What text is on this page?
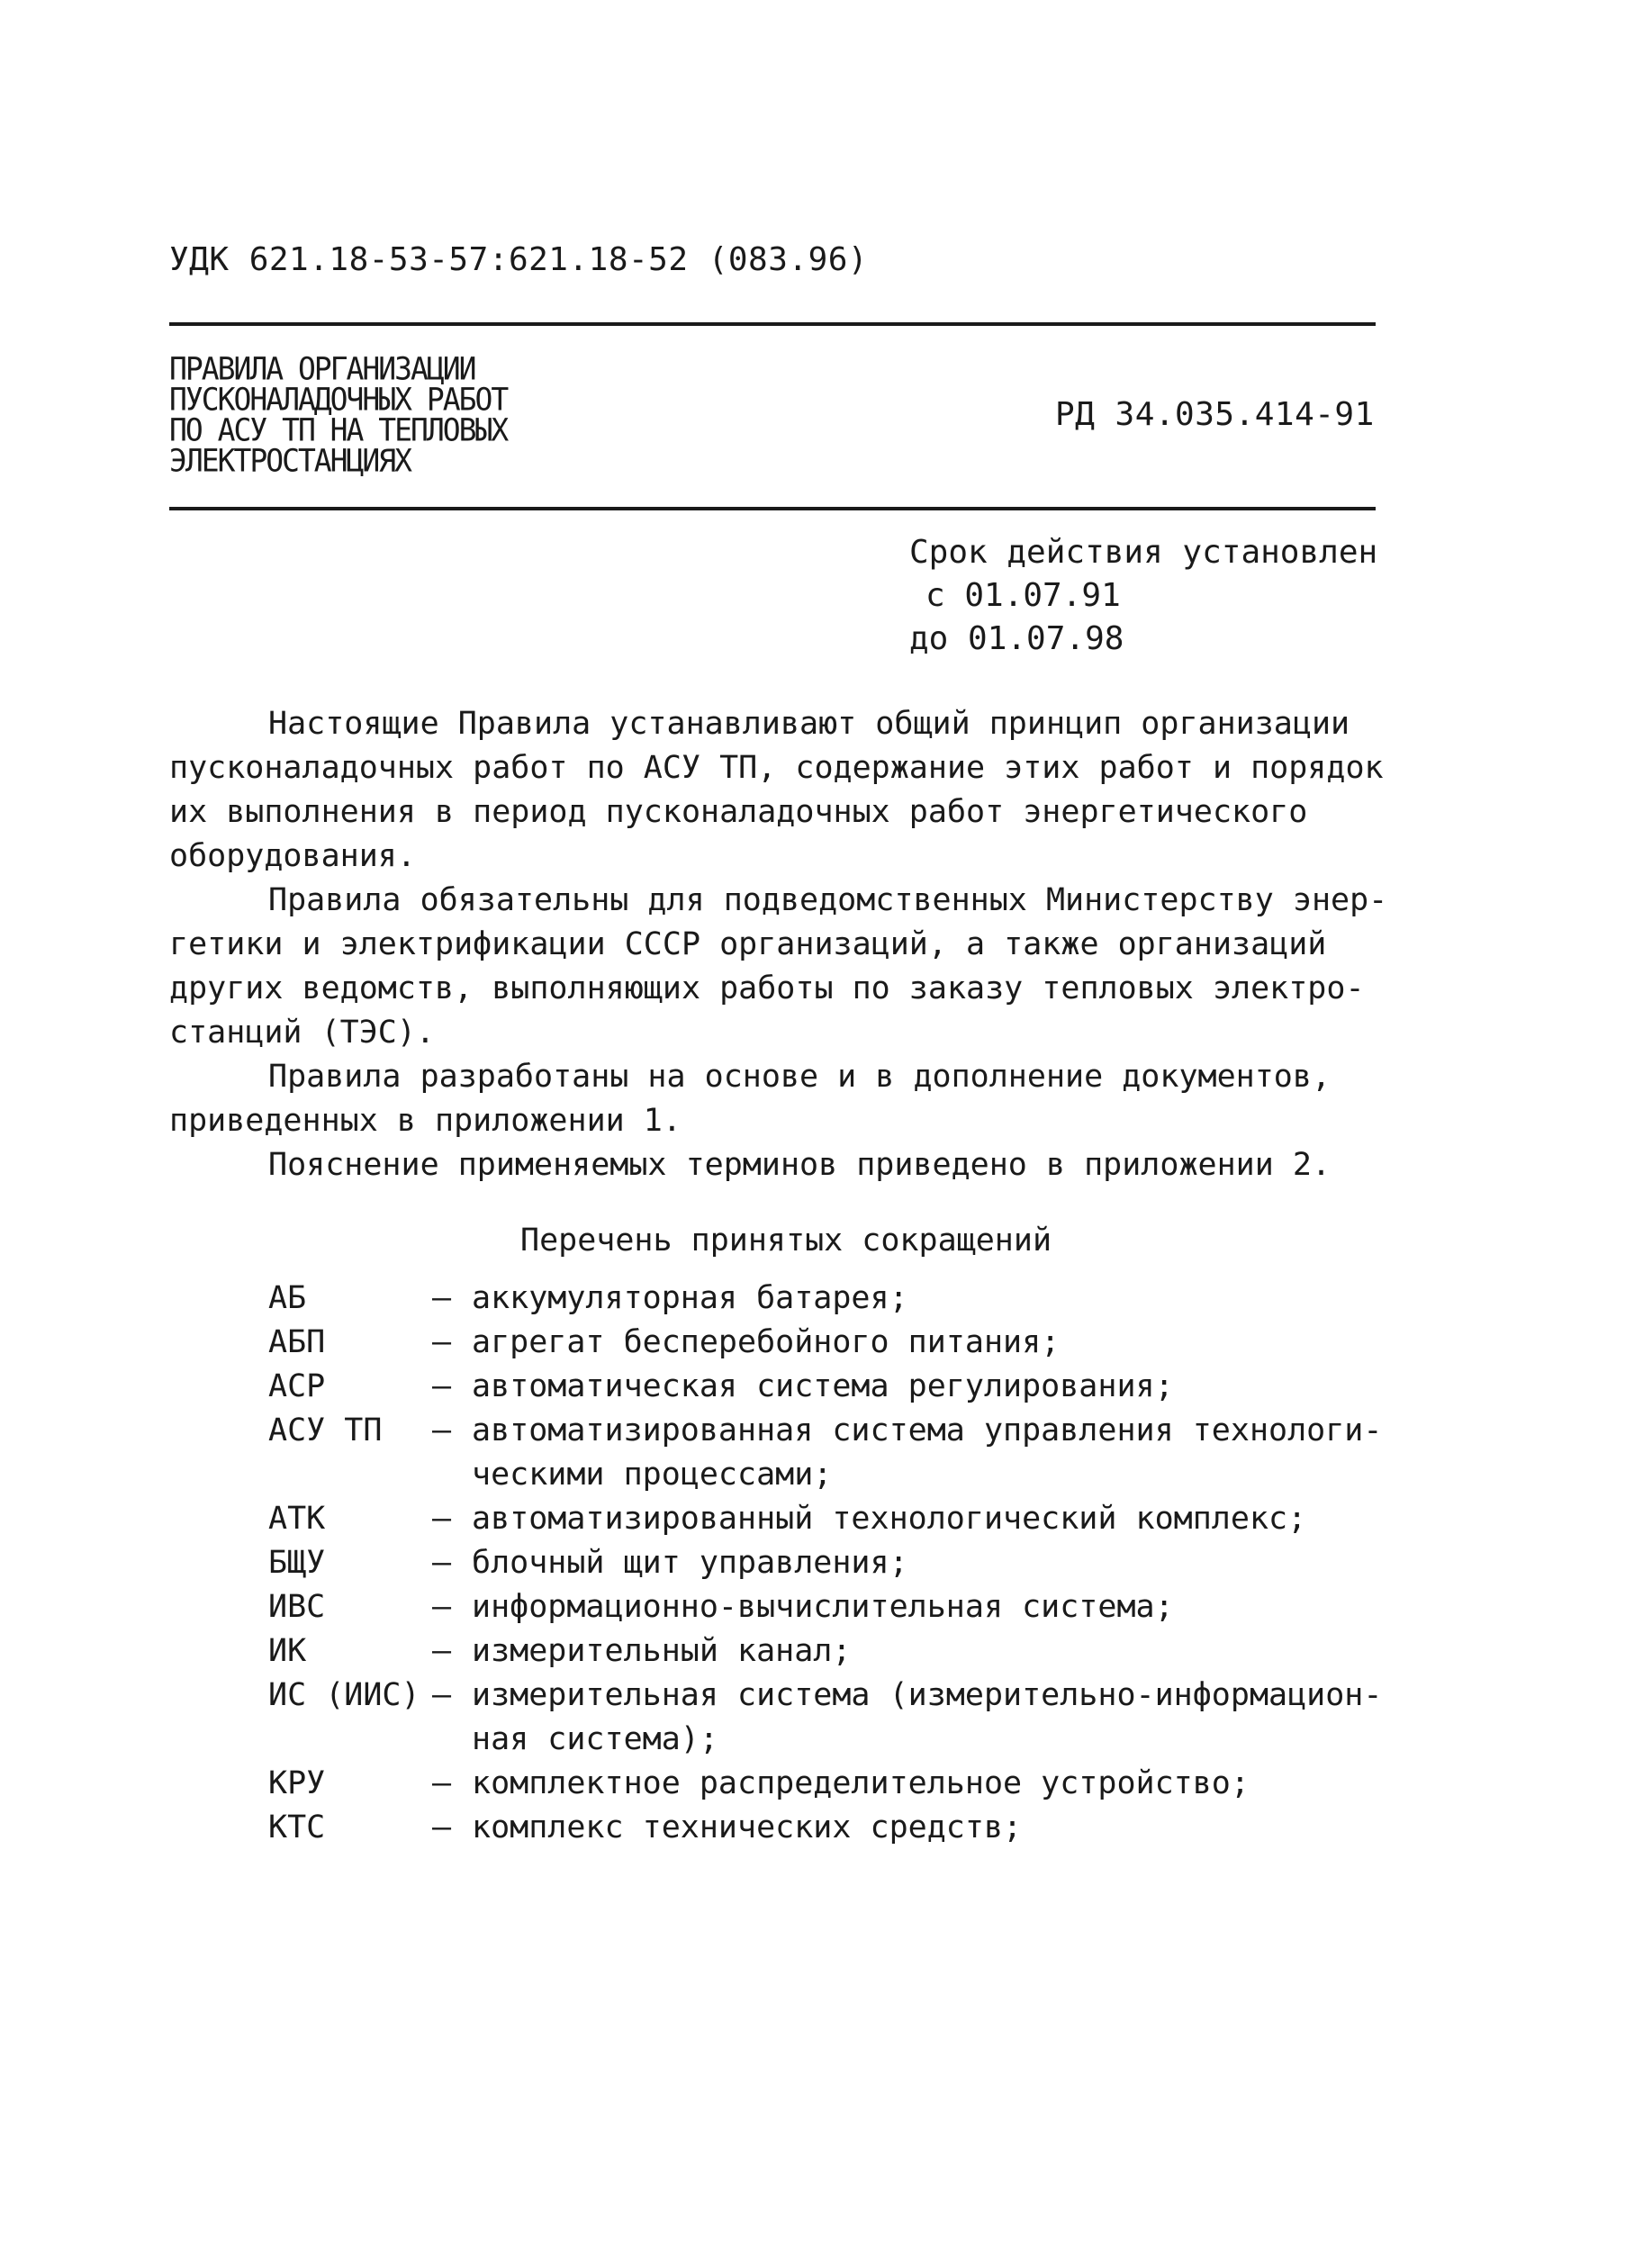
УДК 621.18-53-57:621.18-52 (083.96)
ПРАВИЛА ОРГАНИЗАЦИИ
ПУСКОНАЛАДОЧНЫХ РАБОТ
ПО АСУ ТП НА ТЕПЛОВЫХ
ЭЛЕКТРОСТАНЦИЯХ
РД 34.035.414-91
Срок действия установлен
с 01.07.91
до 01.07.98
Настоящие Правила устанавливают общий принцип организации
пусконаладочных работ по АСУ ТП, содержание этих работ и порядок
их выполнения в период пусконаладочных работ энергетического
оборудования.
Правила обязательны для подведомственных Министерству энер-
гетики и электрификации СССР организаций, а также организаций
других ведомств, выполняющих работы по заказу тепловых электро-
станций (ТЭС).
Правила разработаны на основе и в дополнение документов,
приведенных в приложении 1.
Пояснение применяемых терминов приведено в приложении 2.
Перечень принятых сокращений
АБ	– аккумуляторная батарея;
АБП	– агрегат бесперебойного питания;
АСР	– автоматическая система регулирования;
АСУ ТП	– автоматизированная система управления технологи-
ческими процессами;
АТК	– автоматизированный технологический комплекс;
БЩУ	– блочный щит управления;
ИВС	– информационно-вычислительная система;
ИК	– измерительный канал;
ИС (ИИС) – измерительная система (измерительно-информацион-
ная система);
КРУ	– комплектное распределительное устройство;
КТС	– комплекс технических средств;
